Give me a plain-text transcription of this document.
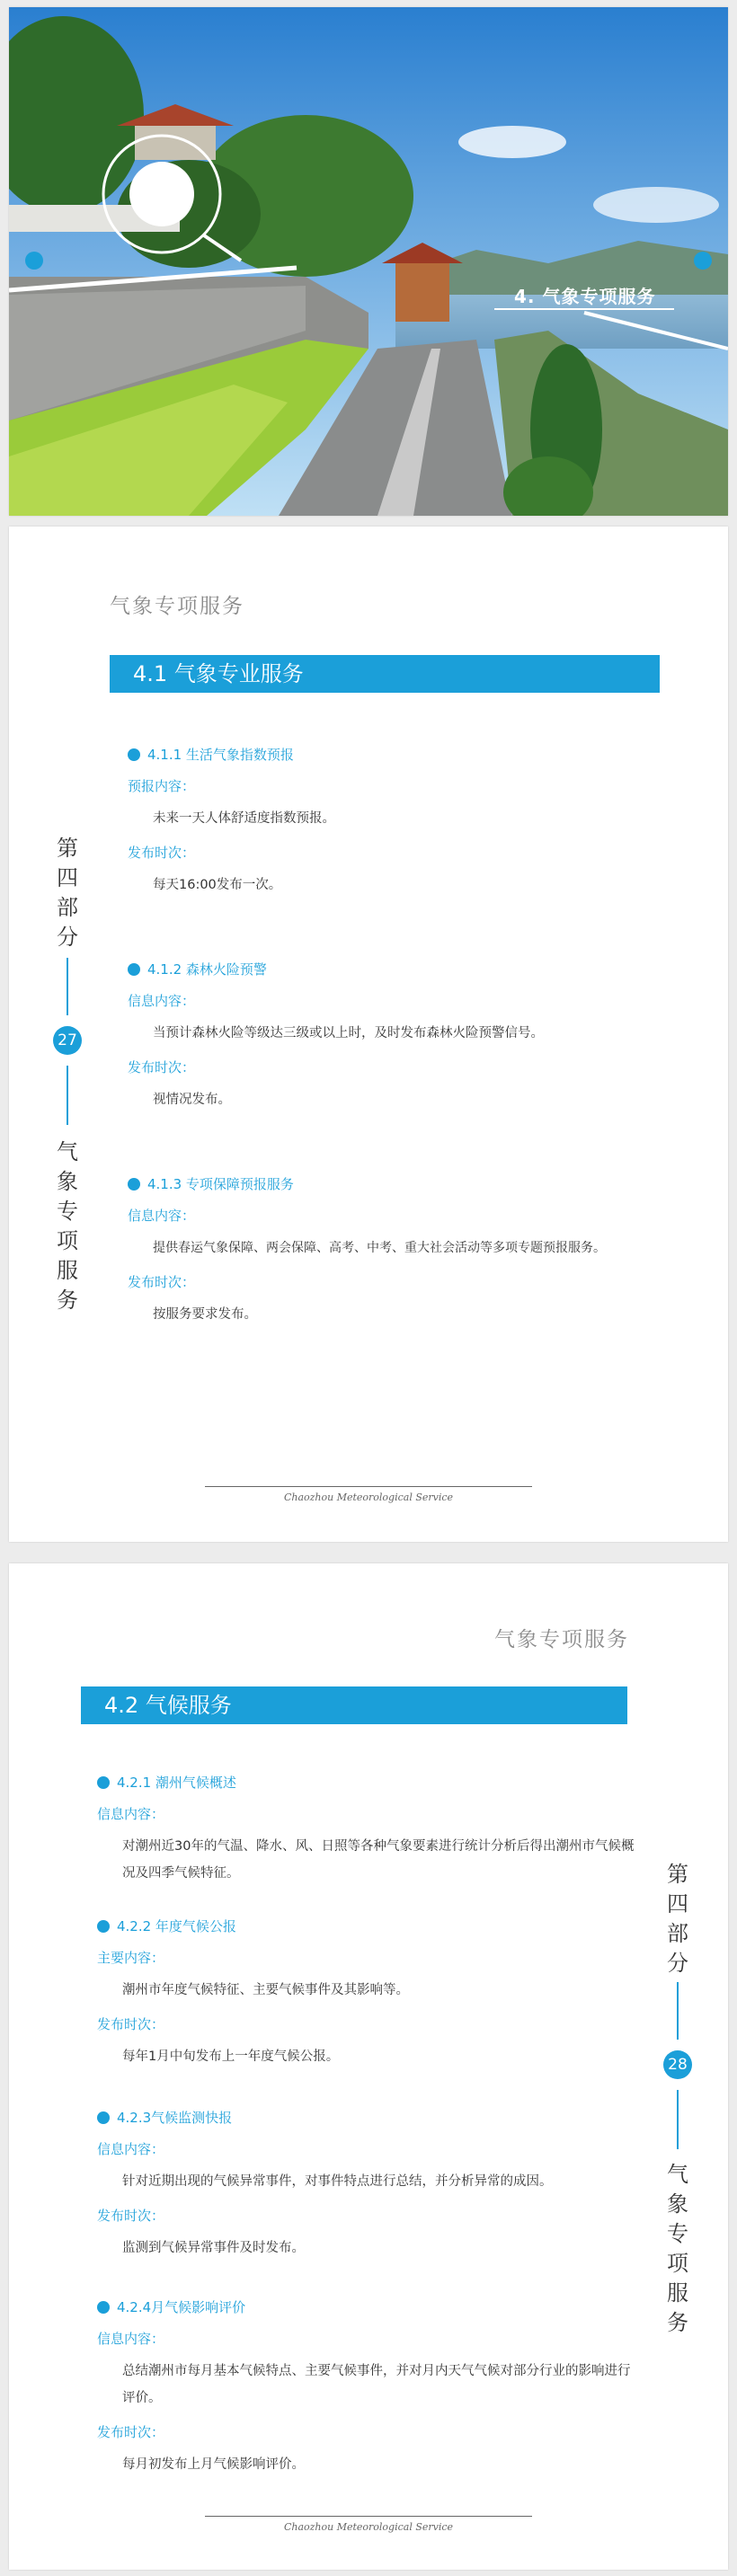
4. 气象专项服务
气象专项服务
4.1 气象专业服务
4.1.1 生活气象指数预报
预报内容：
未来一天人体舒适度指数预报。
发布时次：
每天16:00发布一次。
4.1.2 森林火险预警
信息内容：
当预计森林火险等级达三级或以上时，及时发布森林火险预警信号。
发布时次：
视情况发布。
4.1.3 专项保障预报服务
信息内容：
提供春运气象保障、两会保障、高考、中考、重大社会活动等多项专题预报服务。
发布时次：
按服务要求发布。
第
四
部
分
27
气
象
专
项
服
务
Chaozhou Meteorological Service
气象专项服务
4.2 气候服务
4.2.1 潮州气候概述
信息内容：
对潮州近30年的气温、降水、风、日照等各种气象要素进行统计分析后得出潮州市气候概况及四季气候特征。
4.2.2 年度气候公报
主要内容：
潮州市年度气候特征、主要气候事件及其影响等。
发布时次：
每年1月中旬发布上一年度气候公报。
4.2.3气候监测快报
信息内容：
针对近期出现的气候异常事件，对事件特点进行总结，并分析异常的成因。
发布时次：
监测到气候异常事件及时发布。
4.2.4月气候影响评价
信息内容：
总结潮州市每月基本气候特点、主要气候事件，并对月内天气气候对部分行业的影响进行评价。
发布时次：
每月初发布上月气候影响评价。
第
四
部
分
28
气
象
专
项
服
务
Chaozhou Meteorological Service
